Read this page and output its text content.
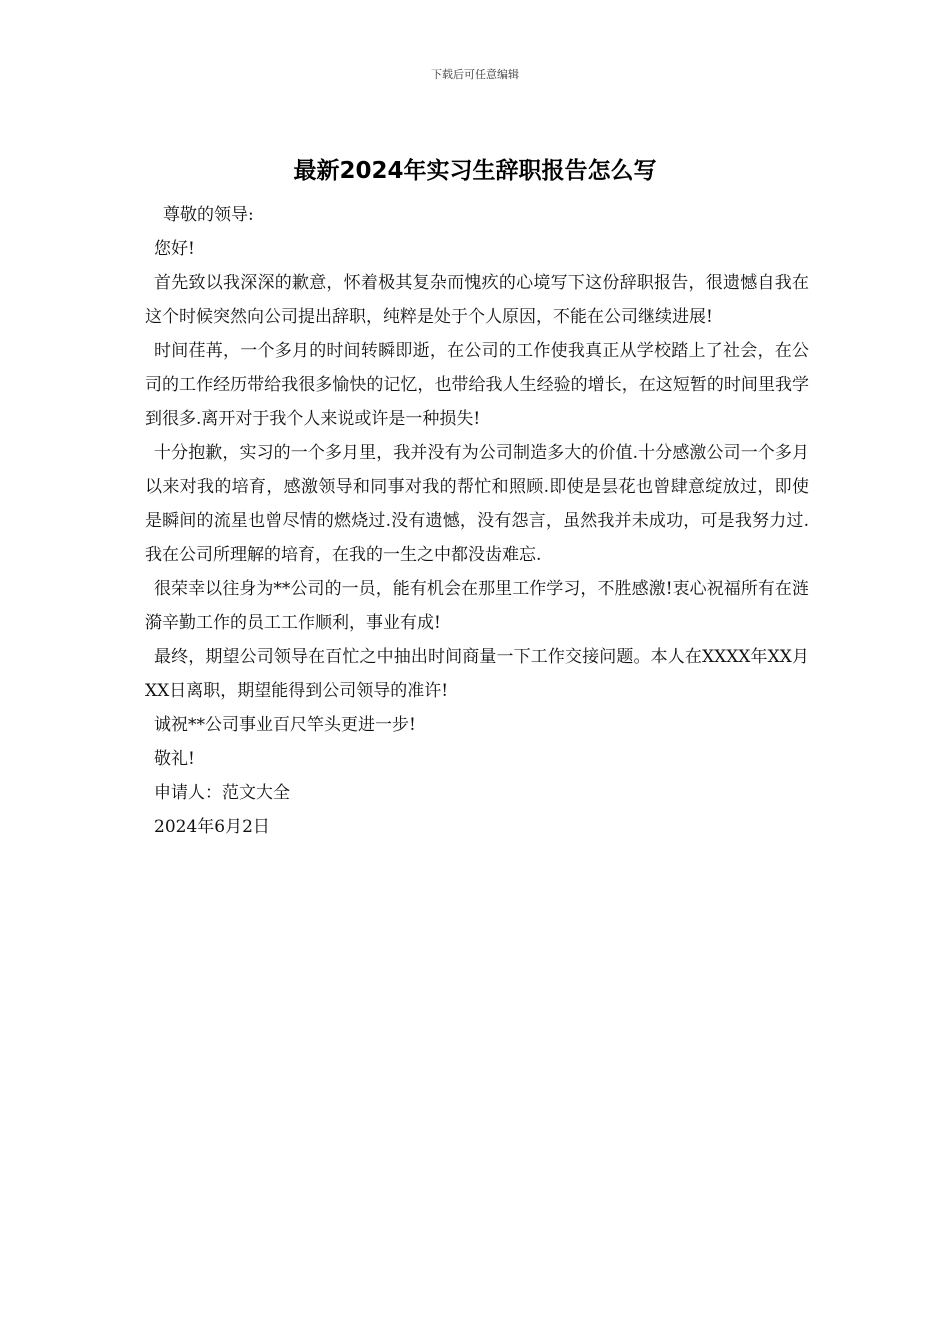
下载后可任意编辑
最新2024年实习生辞职报告怎么写

尊敬的领导:

您好!

首先致以我深深的歉意，怀着极其复杂而愧疚的心境写下这份辞职报告，很遗憾自我在这个时候突然向公司提出辞职，纯粹是处于个人原因，不能在公司继续进展!

时间荏苒，一个多月的时间转瞬即逝，在公司的工作使我真正从学校踏上了社会，在公司的工作经历带给我很多愉快的记忆，也带给我人生经验的增长，在这短暂的时间里我学到很多.离开对于我个人来说或许是一种损失!

十分抱歉，实习的一个多月里，我并没有为公司制造多大的价值.十分感激公司一个多月以来对我的培育，感激领导和同事对我的帮忙和照顾.即使是昙花也曾肆意绽放过，即使是瞬间的流星也曾尽情的燃烧过.没有遗憾，没有怨言，虽然我并未成功，可是我努力过.我在公司所理解的培育，在我的一生之中都没齿难忘.

很荣幸以往身为**公司的一员，能有机会在那里工作学习，不胜感激!衷心祝福所有在涟漪辛勤工作的员工工作顺利，事业有成!

最终，期望公司领导在百忙之中抽出时间商量一下工作交接问题。本人在XXXX年XX月XX日离职，期望能得到公司领导的准许!

诚祝**公司事业百尺竿头更进一步!

敬礼!

申请人：范文大全

2024年6月2日
